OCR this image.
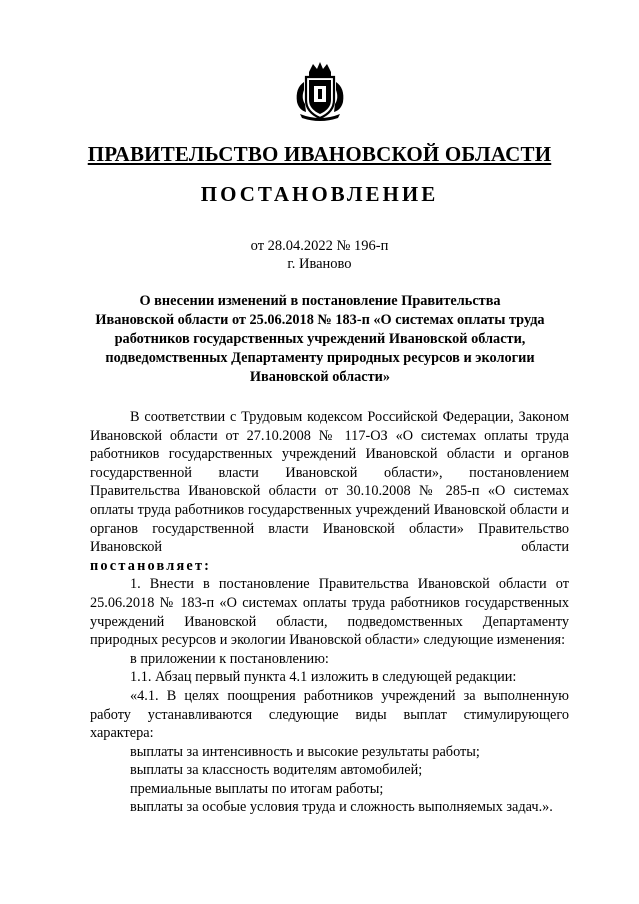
ПРАВИТЕЛЬСТВО ИВАНОВСКОЙ ОБЛАСТИ
ПОСТАНОВЛЕНИЕ
от 28.04.2022 № 196-п
г. Иваново
О внесении изменений в постановление Правительства
Ивановской области от 25.06.2018 № 183-п «О системах оплаты труда
работников государственных учреждений Ивановской области,
подведомственных Департаменту природных ресурсов и экологии
Ивановской области»

В соответствии с Трудовым кодексом Российской Федерации, Законом Ивановской области от 27.10.2008 № 117-ОЗ «О системах оплаты труда работников государственных учреждений Ивановской области и органов государственной власти Ивановской области», постановлением Правительства Ивановской области от 30.10.2008 № 285-п «О системах оплаты труда работников государственных учреждений Ивановской области и органов государственной власти Ивановской области» Правительство Ивановской области

постановляет:

1. Внести в постановление Правительства Ивановской области от 25.06.2018 № 183-п «О системах оплаты труда работников государственных учреждений Ивановской области, подведомственных Департаменту природных ресурсов и экологии Ивановской области» следующие изменения:

в приложении к постановлению:

1.1. Абзац первый пункта 4.1 изложить в следующей редакции:

«4.1. В целях поощрения работников учреждений за выполненную работу устанавливаются следующие виды выплат стимулирующего характера:

выплаты за интенсивность и высокие результаты работы;

выплаты за классность водителям автомобилей;

премиальные выплаты по итогам работы;

выплаты за особые условия труда и сложность выполняемых задач.».
